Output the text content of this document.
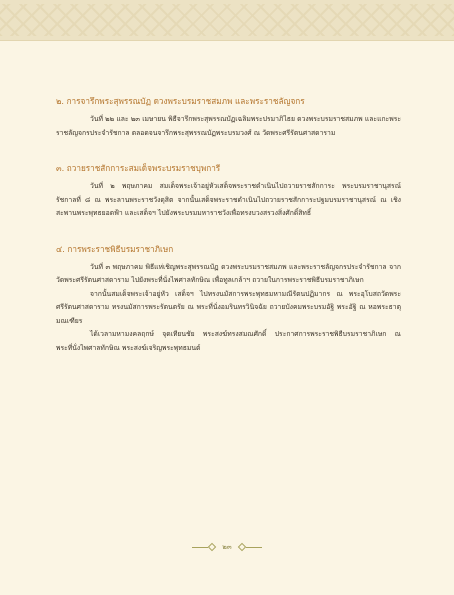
๒. การจารึกพระสุพรรณบัฏ ดวงพระบรมราชสมภพ และพระราชลัญจกร

วันที่ ๒๒ และ ๒๓ เมษายน พิธีจารึกพระสุพรรณบัฏเฉลิมพระปรมาภิไธย ดวงพระบรมราชสมภพ และแกะพระราชลัญจกรประจำรัชกาล ตลอดจนจารึกพระสุพรรณบัฏพระบรมวงศ์ ณ วัดพระศรีรัตนศาสดาราม

๓. ถวายราชสักการะสมเด็จพระบรมราชบุพการี

วันที่ ๒ พฤษภาคม สมเด็จพระเจ้าอยู่หัวเสด็จพระราชดำเนินไปถวายราชสักการะ พระบรมราชานุสรณ์ รัชกาลที่ ๘ ณ พระลานพระราชวังดุสิต จากนั้นเสด็จพระราชดำเนินไปถวายราชสักการะปฐมบรมราชานุสรณ์ ณ เชิงสะพานพระพุทธยอดฟ้า และเสด็จฯ ไปยังพระบรมมหาราชวังเพื่อทรงบวงสรวงสิ่งศักดิ์สิทธิ์

๔. การพระราชพิธีบรมราชาภิเษก

วันที่ ๓ พฤษภาคม พิธีแห่เชิญพระสุพรรณบัฏ ดวงพระบรมราชสมภพ และพระราชลัญจกรประจำรัชกาล จากวัดพระศรีรัตนศาสดาราม ไปยังพระที่นั่งไพศาลทักษิณ เพื่อทูลเกล้าฯ ถวายในการพระราชพิธีบรมราชาภิเษก

จากนั้นสมเด็จพระเจ้าอยู่หัว เสด็จฯ ไปทรงนมัสการพระพุทธมหามณีรัตนปฏิมากร ณ พระอุโบสถวัดพระศรีรัตนศาสดาราม ทรงนมัสการพระรัตนตรัย ณ พระที่นั่งอมรินทรวินิจฉัย ถวายบังคมพระบรมอัฐิ พระอัฐิ ณ หอพระธาตุมณเฑียร

ได้เวลามหามงคลฤกษ์ จุดเทียนชัย พระสงฆ์ทรงสมณศักดิ์ ประกาศการพระราชพิธีบรมราชาภิเษก ณ พระที่นั่งไพศาลทักษิณ พระสงฆ์เจริญพระพุทธมนต์

๒๓
